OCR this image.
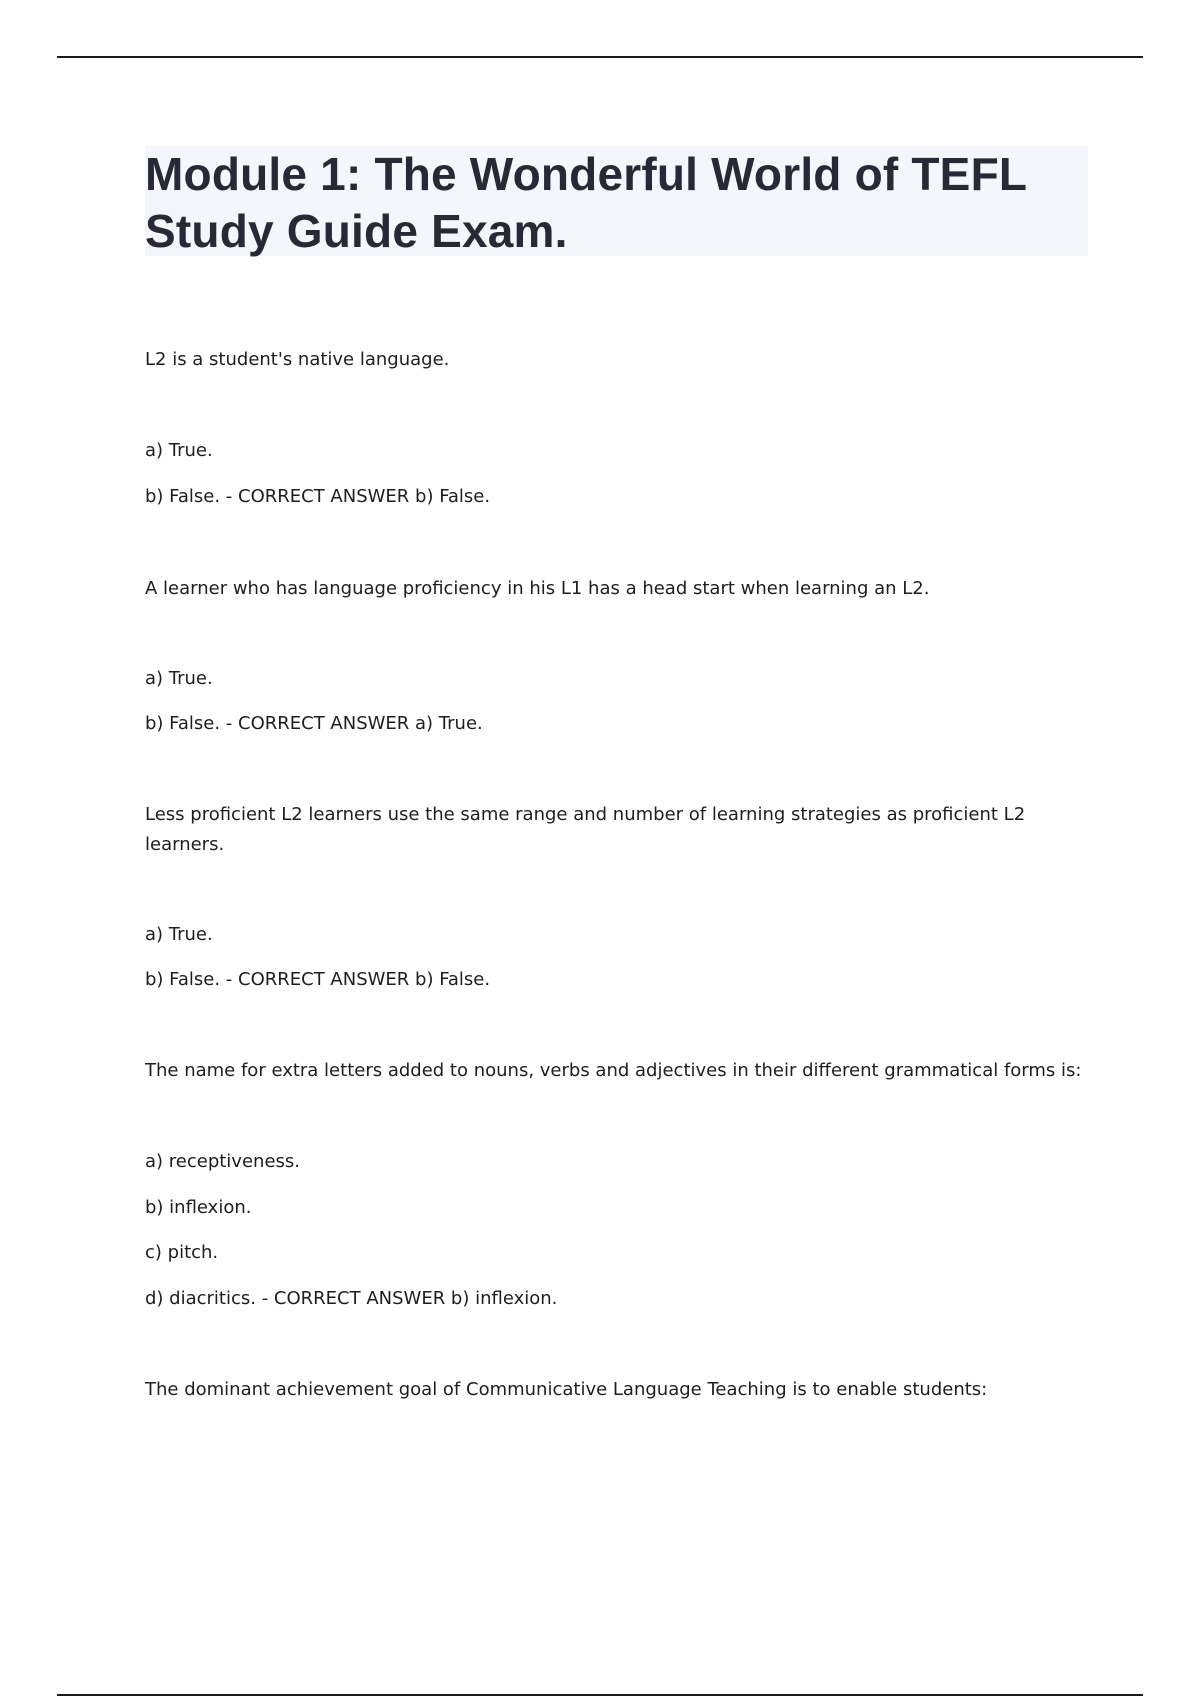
Module 1: The Wonderful World of TEFL
Study Guide Exam.

L2 is a student's native language.

a) True.

b) False. - CORRECT ANSWER b) False.

A learner who has language proficiency in his L1 has a head start when learning an L2.

a) True.

b) False. - CORRECT ANSWER a) True.

Less proficient L2 learners use the same range and number of learning strategies as proficient L2 learners.

a) True.

b) False. - CORRECT ANSWER b) False.

The name for extra letters added to nouns, verbs and adjectives in their different grammatical forms is:

a) receptiveness.

b) inflexion.

c) pitch.

d) diacritics. - CORRECT ANSWER b) inflexion.

The dominant achievement goal of Communicative Language Teaching is to enable students:
